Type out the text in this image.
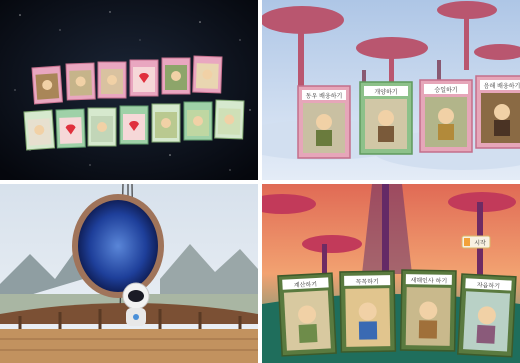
동우 배웅하기
개양하기	승일하기
음해 배웅하기
시작
계산하기	꼭꼭하기	새해인사 하기
자음하기
